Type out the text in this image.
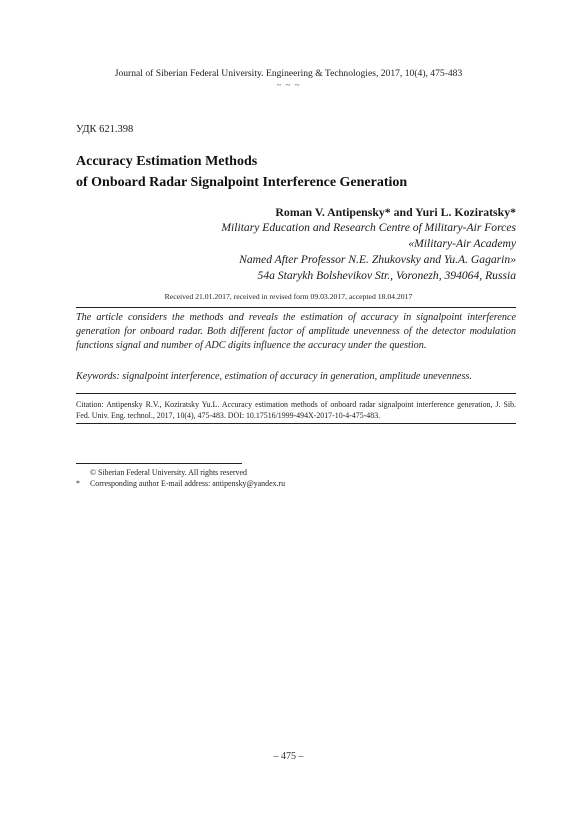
Journal of Siberian Federal University. Engineering & Technologies, 2017, 10(4), 475-483
~ ~ ~
УДК 621.398
Accuracy Estimation Methods
of Onboard Radar Signalpoint Interference Generation
Roman V. Antipensky* and Yuri L. Koziratsky*
Military Education and Research Centre of Military-Air Forces
«Military-Air Academy
Named After Professor N.E. Zhukovsky and Yu.A. Gagarin»
54a Starykh Bolshevikov Str., Voronezh, 394064, Russia
Received 21.01.2017, received in revised form 09.03.2017, accepted 18.04.2017
The article considers the methods and reveals the estimation of accuracy in signalpoint interference generation for onboard radar. Both different factor of amplitude unevenness of the detector modulation functions signal and number of ADC digits influence the accuracy under the question.
Keywords: signalpoint interference, estimation of accuracy in generation, amplitude unevenness.
Citation: Antipensky R.V., Koziratsky Yu.L. Accuracy estimation methods of onboard radar signalpoint interference generation, J. Sib. Fed. Univ. Eng. technol., 2017, 10(4), 475-483. DOI: 10.17516/1999-494X-2017-10-4-475-483.
© Siberian Federal University. All rights reserved
* Corresponding author E-mail address: antipensky@yandex.ru
– 475 –
